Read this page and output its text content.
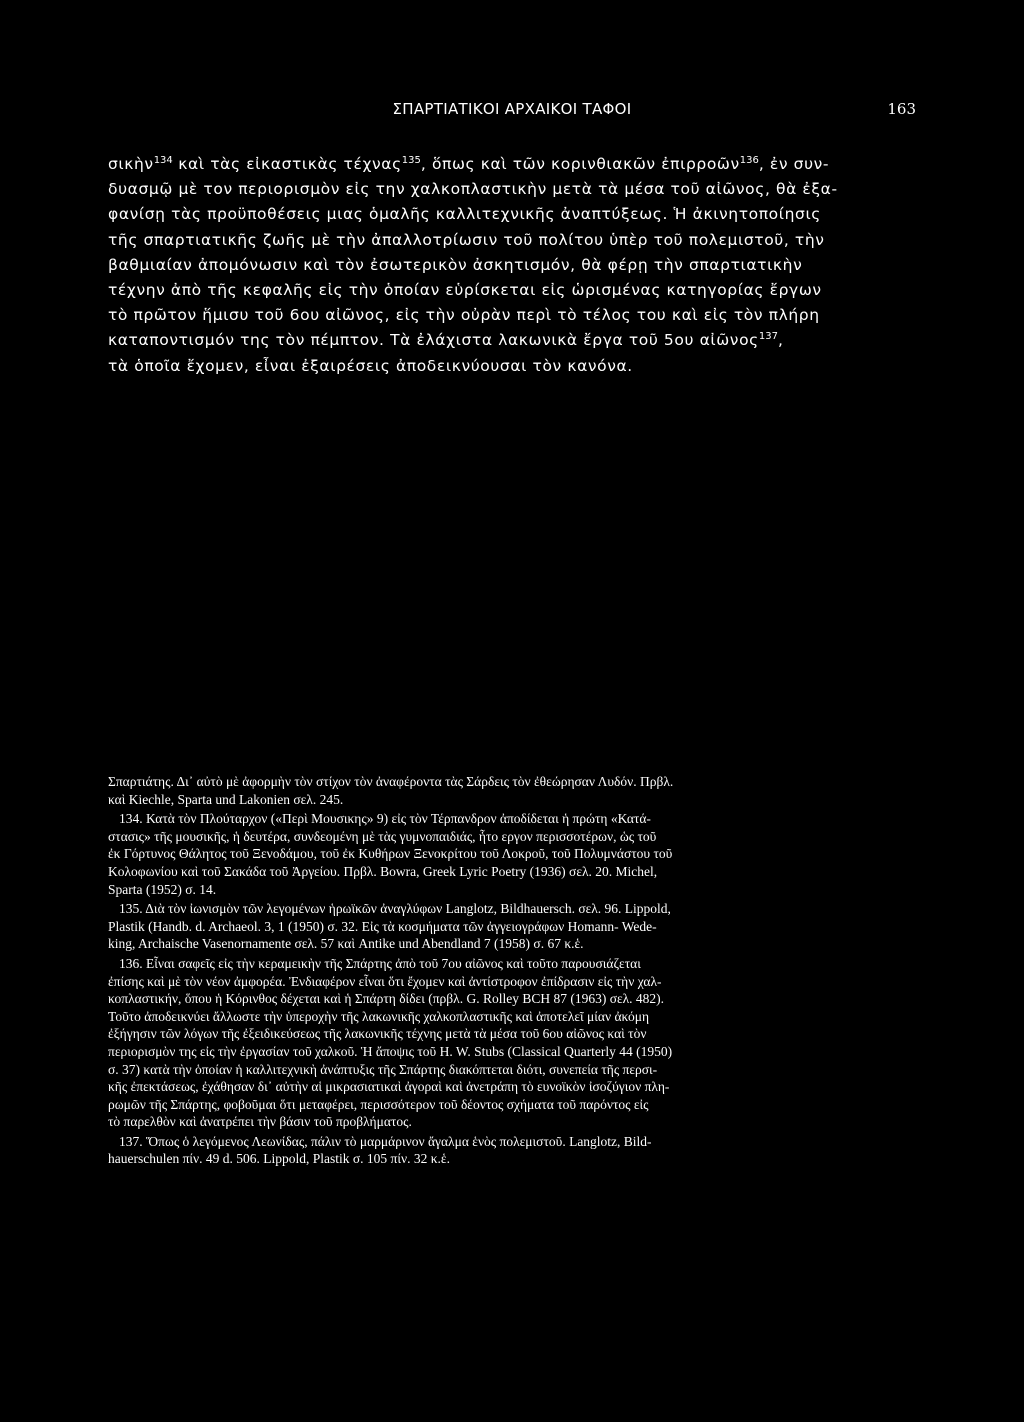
ΣΠΑΡΤΙΑΤΙΚΟΙ ΑΡΧΑΙΚΟΙ ΤΑΦΟΙ	163
σικὴν$^{134}$ καὶ τὰς εἰκαστικὰς τέχνας$^{135}$, ὅπως καὶ τῶν κορινθιακῶν ἐπιρροῶν$^{136}$, ἐν συν-
δυασμῷ μὲ τον περιορισμὸν εἰς την χαλκοπλαστικὴν μετὰ τὰ μέσα τοῦ αἰῶνος, θὰ ἐξα-
φανίσῃ τὰς προϋποθέσεις μιας ὁμαλῆς καλλιτεχνικῆς ἀναπτύξεως. Ἡ ἀκινητοποίησις
τῆς σπαρτιατικῆς ζωῆς μὲ τὴν ἀπαλλοτρίωσιν τοῦ πολίτου ὑπὲρ τοῦ πολεμιστοῦ, τὴν
βαθμιαίαν ἀπομόνωσιν καὶ τὸν ἐσωτερικὸν ἀσκητισμόν, θὰ φέρῃ τὴν σπαρτιατικὴν
τέχνην ἀπὸ τῆς κεφαλῆς εἰς τὴν ὁποίαν εὑρίσκεται εἰς ὡρισμένας κατηγορίας ἔργων
τὸ πρῶτον ἥμισυ τοῦ 6ου αἰῶνος, εἰς τὴν οὐρὰν περὶ τὸ τέλος του καὶ εἰς τὸν πλήρη
καταποντισμόν της τὸν πέμπτον. Τὰ ἐλάχιστα λακωνικὰ ἔργα τοῦ 5ου αἰῶνος$^{137}$,
τὰ ὁποῖα ἔχομεν, εἶναι ἐξαιρέσεις ἀποδεικνύουσαι τὸν κανόνα.
Σπαρτιάτης. Δι᾽ αὐτὸ μὲ ἀφορμὴν τὸν στίχον τὸν ἀναφέροντα τὰς Σάρδεις τὸν ἐθεώρησαν Λυδόν. Πρβλ.
καὶ Kiechle, Sparta und Lakonien σελ. 245.
134. Κατὰ τὸν Πλούταρχον («Περὶ Μουσικης» 9) εἰς τὸν Τέρπανδρον ἀποδίδεται ἡ πρώτη «Κατά-
στασις» τῆς μουσικῆς, ἡ δευτέρα, συνδεομένη μὲ τὰς γυμνοπαιδιάς, ἦτο εργον περισσοτέρων, ὡς τοῦ
ἐκ Γόρτυνος Θάλητος τοῦ Ξενοδάμου, τοῦ ἐκ Κυθήρων Ξενοκρίτου τοῦ Λοκροῦ, τοῦ Πολυμνάστου τοῦ
Κολοφωνίου καὶ τοῦ Σακάδα τοῦ Ἀργείου. Πρβλ. Bowra, Greek Lyric Poetry (1936) σελ. 20. Michel,
Sparta (1952) σ. 14.
135. Διὰ τὸν ἰωνισμὸν τῶν λεγομένων ἡρωϊκῶν ἀναγλύφων Langlotz, Bildhauersch. σελ. 96. Lippold,
Plastik (Handb. d. Archaeol. 3, 1 (1950) σ. 32. Εἰς τὰ κοσμήματα τῶν ἀγγειογράφων Homann- Wede-
king, Archaische Vasenornamente σελ. 57 καὶ Antike und Abendland 7 (1958) σ. 67 κ.ἑ.
136. Εἶναι σαφεῖς εἰς τὴν κεραμεικὴν τῆς Σπάρτης ἀπὸ τοῦ 7ου αἰῶνος καὶ τοῦτο παρουσιάζεται
ἐπίσης καὶ μὲ τὸν νέον ἀμφορέα. Ἐνδιαφέρον εἶναι ὅτι ἔχομεν καὶ ἀντίστροφον ἐπίδρασιν εἰς τὴν χαλ-
κοπλαστικήν, ὅπου ἡ Κόρινθος δέχεται καὶ ἡ Σπάρτη δίδει (πρβλ. G. Rolley BCH 87 (1963) σελ. 482).
Τοῦτο ἀποδεικνύει ἄλλωστε τὴν ὑπεροχὴν τῆς λακωνικῆς χαλκοπλαστικῆς καὶ ἀποτελεῖ μίαν ἀκόμη
ἐξήγησιν τῶν λόγων τῆς ἐξειδικεύσεως τῆς λακωνικῆς τέχνης μετὰ τὰ μέσα τοῦ 6ου αἰῶνος καὶ τὸν
περιορισμὸν της εἰς τὴν ἐργασίαν τοῦ χαλκοῦ. Ἡ ἄποψις τοῦ H. W. Stubs (Classical Quarterly 44 (1950)
σ. 37) κατὰ τὴν ὁποίαν ἡ καλλιτεχνικὴ ἀνάπτυξις τῆς Σπάρτης διακόπτεται διότι, συνεπεία τῆς περσι-
κῆς ἐπεκτάσεως, ἐχάθησαν δι᾽ αὐτὴν αἱ μικρασιατικαὶ ἀγοραὶ καὶ ἀνετράπη τὸ ευνοϊκὸν ἰσοζύγιον πλη-
ρωμῶν τῆς Σπάρτης, φοβοῦμαι ὅτι μεταφέρει, περισσότερον τοῦ δέοντος σχήματα τοῦ παρόντος εἰς
τὸ παρελθὸν καὶ ἀνατρέπει τὴν βάσιν τοῦ προβλήματος.
137. Ὅπως ὁ λεγόμενος Λεωνίδας, πάλιν τὸ μαρμάρινον ἄγαλμα ἑνὸς πολεμιστοῦ. Langlotz, Bild-
hauerschulen πίν. 49 d. 506. Lippold, Plastik σ. 105 πίν. 32 κ.ἑ.
